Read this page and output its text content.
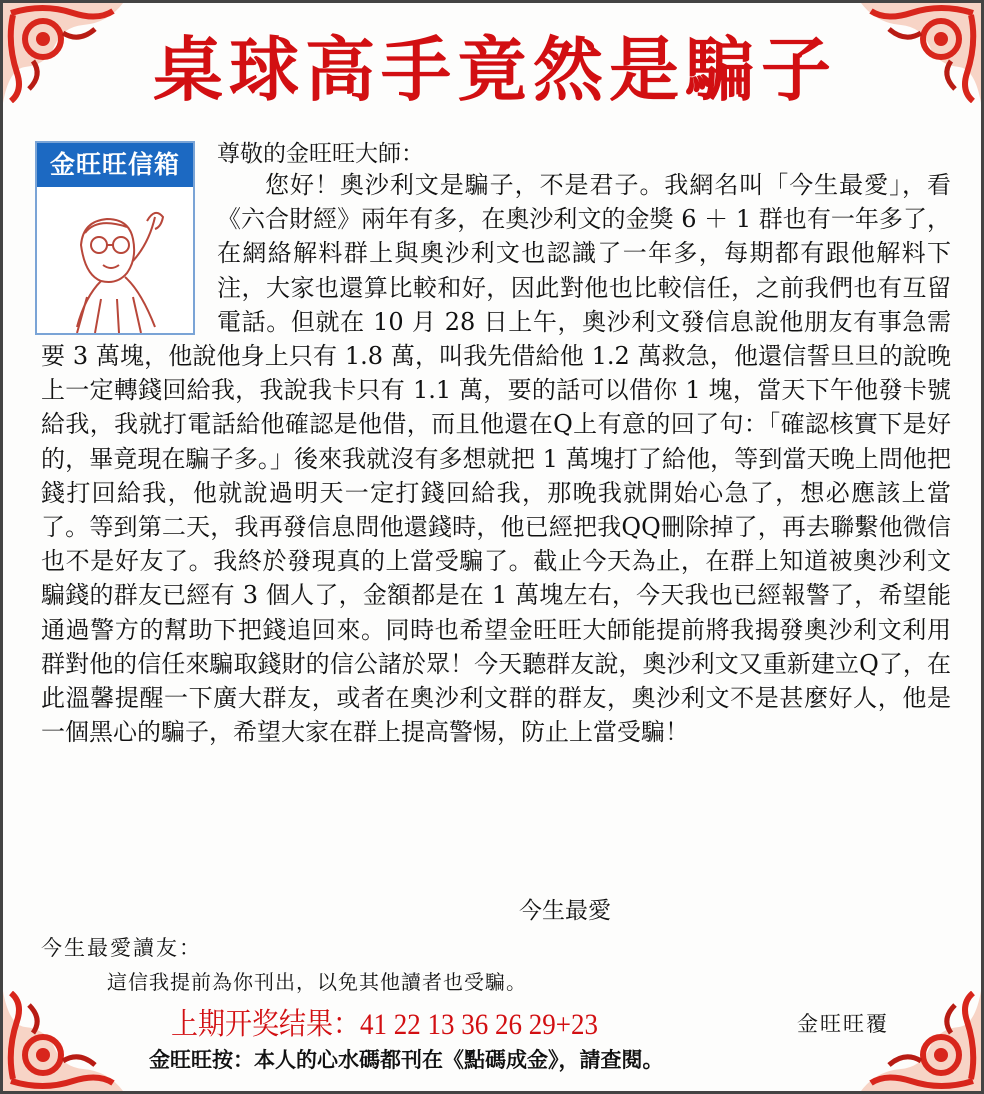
桌球高手竟然是騙子
金旺旺信箱	尊敬的金旺旺大師：

您好！奧沙利文是騙子，不是君子。我網名叫「今生最愛」，看《六合財經》兩年有多，在奧沙利文的金獎 6 ＋ 1 群也有一年多了，在網絡解料群上與奧沙利文也認識了一年多，每期都有跟他解料下注，大家也還算比較和好，因此對他也比較信任，之前我們也有互留電話。但就在 10 月 28 日上午，奧沙利文發信息說他朋友有事急需要 3 萬塊，他說他身上只有 1.8 萬，叫我先借給他 1.2 萬救急，他還信誓旦旦的說晚上一定轉錢回給我，我說我卡只有 1.1 萬，要的話可以借你 1 塊，當天下午他發卡號給我，我就打電話給他確認是他借，而且他還在Q上有意的回了句：「確認核實下是好的，畢竟現在騙子多。」後來我就沒有多想就把 1 萬塊打了給他，等到當天晚上問他把錢打回給我，他就說過明天一定打錢回給我，那晚我就開始心急了，想必應該上當了。等到第二天，我再發信息問他還錢時，他已經把我QQ刪除掉了，再去聯繫他微信也不是好友了。我終於發現真的上當受騙了。截止今天為止，在群上知道被奧沙利文騙錢的群友已經有 3 個人了，金額都是在 1 萬塊左右，今天我也已經報警了，希望能通過警方的幫助下把錢追回來。同時也希望金旺旺大師能提前將我揭發奧沙利文利用群對他的信任來騙取錢財的信公諸於眾！今天聽群友說，奧沙利文又重新建立Q了，在此溫馨提醒一下廣大群友，或者在奧沙利文群的群友，奧沙利文不是甚麼好人，他是一個黑心的騙子，希望大家在群上提高警惕，防止上當受騙！

今生最愛
今生最愛讀友：
這信我提前為你刊出，以免其他讀者也受騙。
上期开奖结果：41 22 13 36 26 29+23	金旺旺覆
金旺旺按：本人的心水碼都刊在《點碼成金》，請查閱。
